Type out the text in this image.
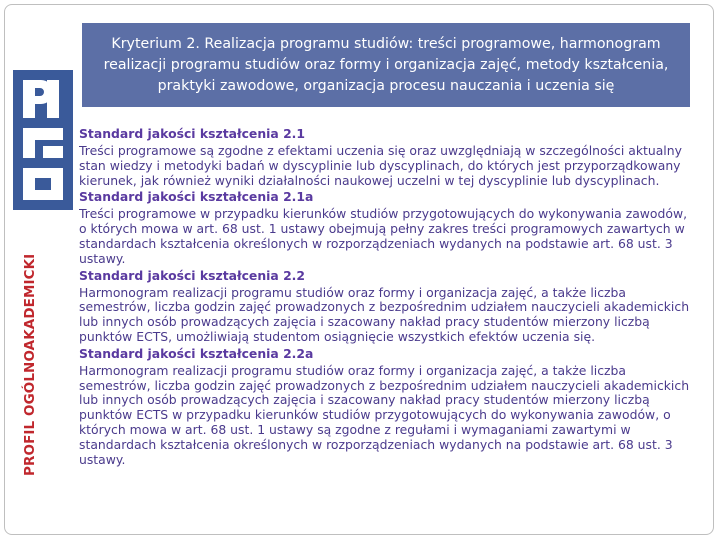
PROFIL OGÓLNOAKADEMICKI
Kryterium 2. Realizacja programu studiów: treści programowe, harmonogram realizacji programu studiów oraz formy i organizacja zajęć, metody kształcenia, praktyki zawodowe, organizacja procesu nauczania i uczenia się
Standard jakości kształcenia 2.1

Treści programowe są zgodne z efektami uczenia się oraz uwzględniają w szczególności aktualny stan wiedzy i metodyki badań w dyscyplinie lub dyscyplinach, do których jest przyporządkowany kierunek, jak również wyniki działalności naukowej uczelni w tej dyscyplinie lub dyscyplinach.

Standard jakości kształcenia 2.1a

Treści programowe w przypadku kierunków studiów przygotowujących do wykonywania zawodów, o których mowa w art. 68 ust. 1 ustawy obejmują pełny zakres treści programowych zawartych w standardach kształcenia określonych w rozporządzeniach wydanych na podstawie art. 68 ust. 3 ustawy.

Standard jakości kształcenia 2.2

Harmonogram realizacji programu studiów oraz formy i organizacja zajęć, a także liczba semestrów, liczba godzin zajęć prowadzonych z bezpośrednim udziałem nauczycieli akademickich lub innych osób prowadzących zajęcia i szacowany nakład pracy studentów mierzony liczbą punktów ECTS, umożliwiają studentom osiągnięcie wszystkich efektów uczenia się.

Standard jakości kształcenia 2.2a

Harmonogram realizacji programu studiów oraz formy i organizacja zajęć, a także liczba semestrów, liczba godzin zajęć prowadzonych z bezpośrednim udziałem nauczycieli akademickich lub innych osób prowadzących zajęcia i szacowany nakład pracy studentów mierzony liczbą punktów ECTS w przypadku kierunków studiów przygotowujących do wykonywania zawodów, o których mowa w art. 68 ust. 1 ustawy są zgodne z regułami i wymaganiami zawartymi w standardach kształcenia określonych w rozporządzeniach wydanych na podstawie art. 68 ust. 3 ustawy.
